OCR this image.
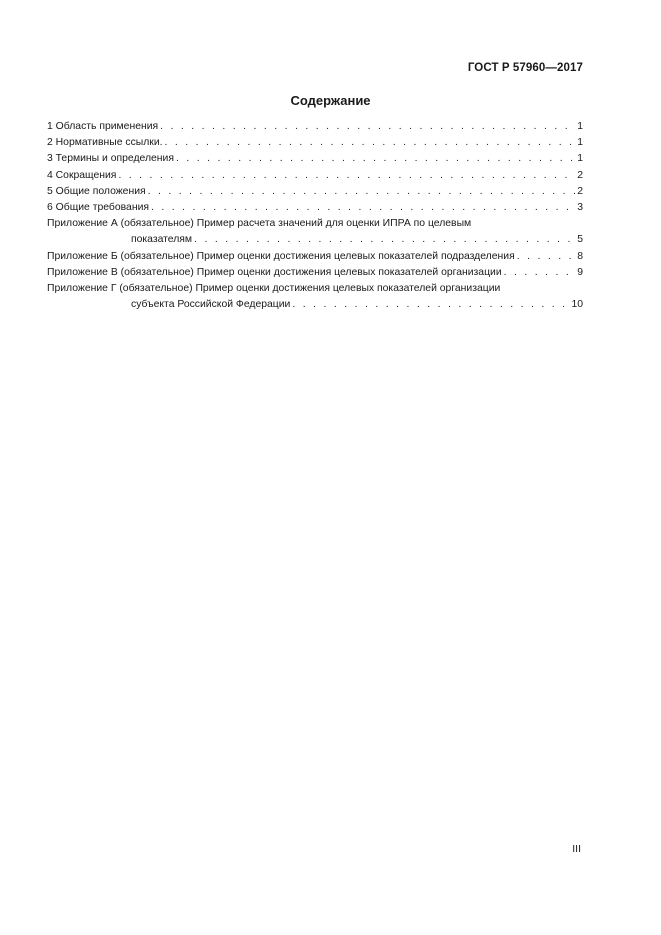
ГОСТ Р 57960—2017
Содержание
1 Область применения . . .	1
2 Нормативные ссылки. . . .	1
3 Термины и определения . . .	1
4 Сокращения . . .	2
5 Общие положения . . .	2
6 Общие требования . . .	3
Приложение А (обязательное) Пример расчета значений для оценки ИПРА по целевым
показателям . . .	5
Приложение Б (обязательное) Пример оценки достижения целевых показателей подразделения . . .	8
Приложение В (обязательное) Пример оценки достижения целевых показателей организации . . .	9
Приложение Г (обязательное) Пример оценки достижения целевых показателей организации
субъекта Российской Федерации . . .	10
III
